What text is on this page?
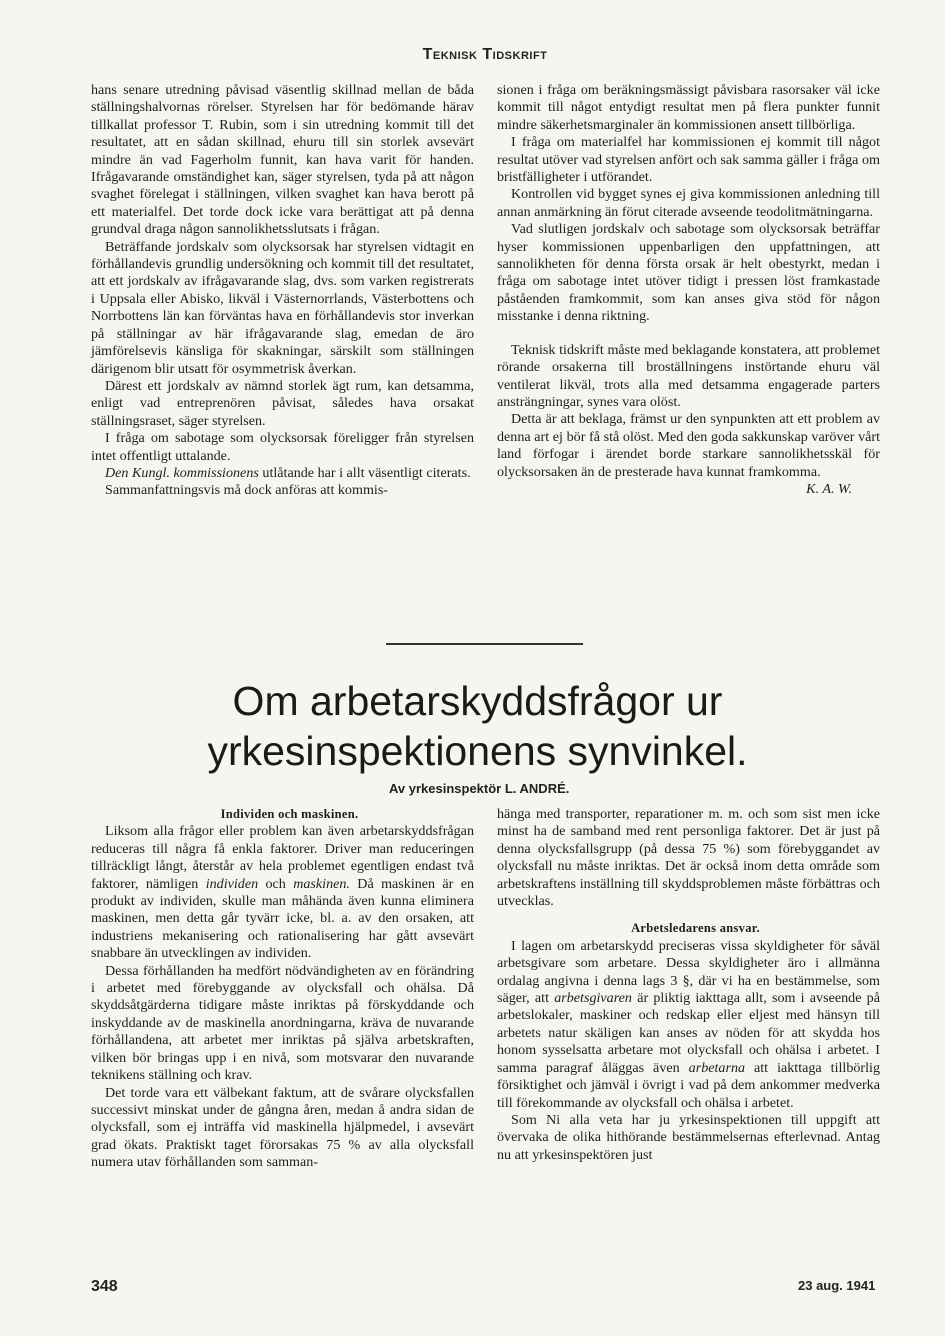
Teknisk Tidskrift

hans senare utredning påvisad väsentlig skillnad mellan de båda ställningshalvornas rörelser. Styrelsen har för bedömande härav tillkallat professor T. Rubin, som i sin utredning kommit till det resultatet, att en sådan skillnad, ehuru till sin storlek avsevärt mindre än vad Fagerholm funnit, kan hava varit för handen. Ifrågavarande omständighet kan, säger styrelsen, tyda på att någon svaghet förelegat i ställningen, vilken svaghet kan hava berott på ett materialfel. Det torde dock icke vara berättigat att på denna grundval draga någon sannolikhetsslutsats i frågan.

Beträffande jordskalv som olycksorsak har styrelsen vidtagit en förhållandevis grundlig undersökning och kommit till det resultatet, att ett jordskalv av ifrågavarande slag, dvs. som varken registrerats i Uppsala eller Abisko, likväl i Västernorrlands, Västerbottens och Norrbottens län kan förväntas hava en förhållandevis stor inverkan på ställningar av här ifrågavarande slag, emedan de äro jämförelsevis känsliga för skakningar, särskilt som ställningen därigenom blir utsatt för osymmetrisk åverkan.

Därest ett jordskalv av nämnd storlek ägt rum, kan detsamma, enligt vad entreprenören påvisat, således hava orsakat ställningsraset, säger styrelsen.

I fråga om sabotage som olycksorsak föreligger från styrelsen intet offentligt uttalande.

Den Kungl. kommissionens utlåtande har i allt väsentligt citerats.

Sammanfattningsvis må dock anföras att kommis-

sionen i fråga om beräkningsmässigt påvisbara rasorsaker väl icke kommit till något entydigt resultat men på flera punkter funnit mindre säkerhetsmarginaler än kommissionen ansett tillbörliga.

I fråga om materialfel har kommissionen ej kommit till något resultat utöver vad styrelsen anfört och sak samma gäller i fråga om bristfälligheter i utförandet.

Kontrollen vid bygget synes ej giva kommissionen anledning till annan anmärkning än förut citerade avseende teodolitmätningarna.

Vad slutligen jordskalv och sabotage som olycksorsak beträffar hyser kommissionen uppenbarligen den uppfattningen, att sannolikheten för denna första orsak är helt obestyrkt, medan i fråga om sabotage intet utöver tidigt i pressen löst framkastade påståenden framkommit, som kan anses giva stöd för någon misstanke i denna riktning.

Teknisk tidskrift måste med beklagande konstatera, att problemet rörande orsakerna till broställningens instörtande ehuru väl ventilerat likväl, trots alla med detsamma engagerade parters ansträngningar, synes vara olöst.

Detta är att beklaga, främst ur den synpunkten att ett problem av denna art ej bör få stå olöst. Med den goda sakkunskap varöver vårt land förfogar i ärendet borde starkare sannolikhetsskäl för olycksorsaken än de presterade hava kunnat framkomma.

K. A. W.

Om arbetarskyddsfrågor ur yrkesinspektionens synvinkel.
Av yrkesinspektör L. ANDRÉ.

Individen och maskinen.

Liksom alla frågor eller problem kan även arbetarskyddsfrågan reduceras till några få enkla faktorer. Driver man reduceringen tillräckligt långt, återstår av hela problemet egentligen endast två faktorer, nämligen individen och maskinen. Då maskinen är en produkt av individen, skulle man måhända även kunna eliminera maskinen, men detta går tyvärr icke, bl. a. av den orsaken, att industriens mekanisering och rationalisering har gått avsevärt snabbare än utvecklingen av individen.

Dessa förhållanden ha medfört nödvändigheten av en förändring i arbetet med förebyggande av olycksfall och ohälsa. Då skyddsåtgärderna tidigare måste inriktas på förskyddande och inskyddande av de maskinella anordningarna, kräva de nuvarande förhållandena, att arbetet mer inriktas på själva arbetskraften, vilken bör bringas upp i en nivå, som motsvarar den nuvarande teknikens ställning och krav.

Det torde vara ett välbekant faktum, att de svårare olycksfallen successivt minskat under de gångna åren, medan å andra sidan de olycksfall, som ej inträffa vid maskinella hjälpmedel, i avsevärt grad ökats. Praktiskt taget förorsakas 75 % av alla olycksfall numera utav förhållanden som samman-

hänga med transporter, reparationer m. m. och som sist men icke minst ha de samband med rent personliga faktorer. Det är just på denna olycksfallsgrupp (på dessa 75 %) som förebyggandet av olycksfall nu måste inriktas. Det är också inom detta område som arbetskraftens inställning till skyddsproblemen måste förbättras och utvecklas.

Arbetsledarens ansvar.

I lagen om arbetarskydd preciseras vissa skyldigheter för såväl arbetsgivare som arbetare. Dessa skyldigheter äro i allmänna ordalag angivna i denna lags 3 §, där vi ha en bestämmelse, som säger, att arbetsgivaren är pliktig iakttaga allt, som i avseende på arbetslokaler, maskiner och redskap eller eljest med hänsyn till arbetets natur skäligen kan anses av nöden för att skydda hos honom sysselsatta arbetare mot olycksfall och ohälsa i arbetet. I samma paragraf åläggas även arbetarna att iakttaga tillbörlig försiktighet och jämväl i övrigt i vad på dem ankommer medverka till förekommande av olycksfall och ohälsa i arbetet.

Som Ni alla veta har ju yrkesinspektionen till uppgift att övervaka de olika hithörande bestämmelsernas efterlevnad. Antag nu att yrkesinspektören just

348	23 aug. 1941
